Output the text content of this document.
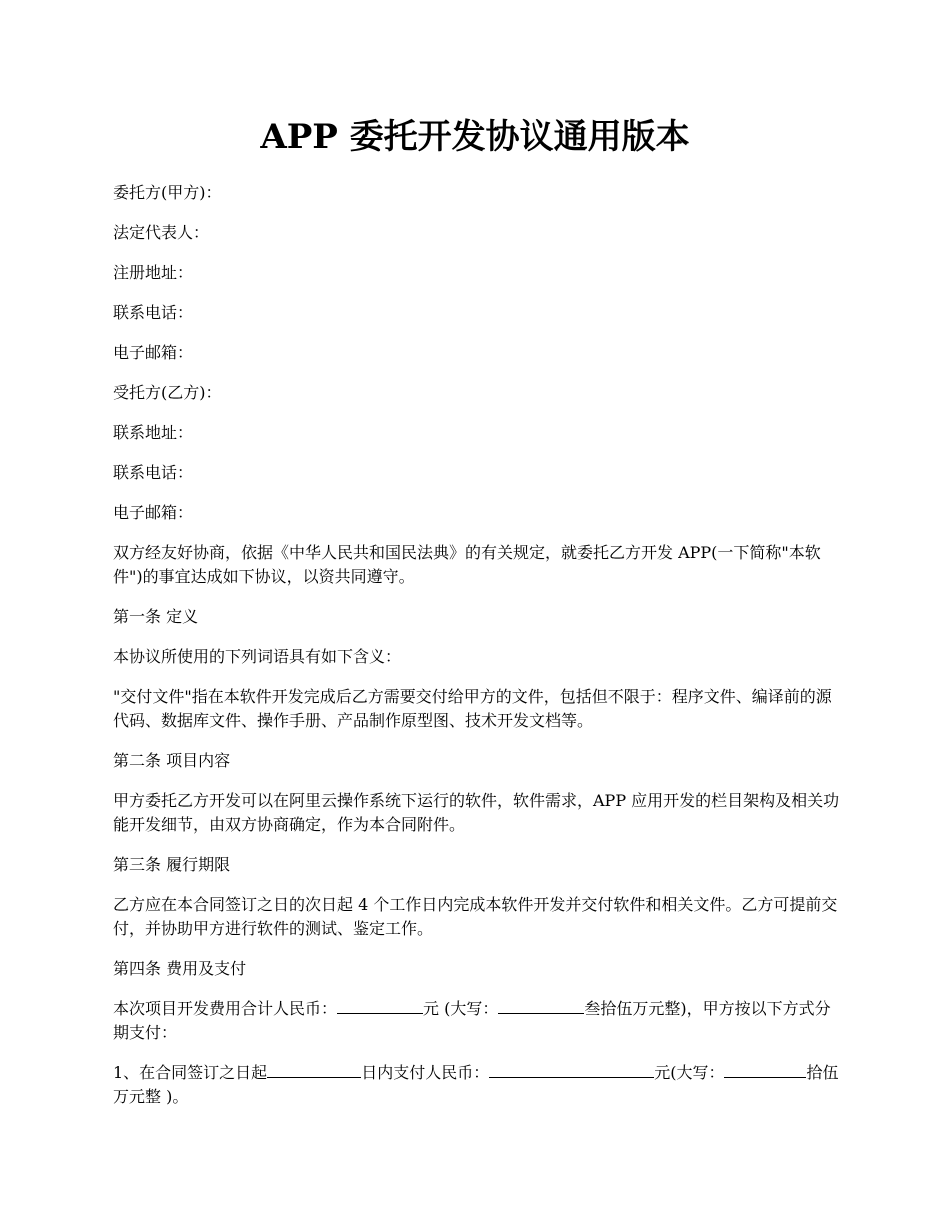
APP 委托开发协议通用版本

委托方(甲方)：

法定代表人：

注册地址：

联系电话：

电子邮箱：

受托方(乙方)：

联系地址：

联系电话：

电子邮箱：

双方经友好协商，依据《中华人民共和国民法典》的有关规定，就委托乙方开发 APP(一下简称"本软件")的事宜达成如下协议，以资共同遵守。

第一条 定义

本协议所使用的下列词语具有如下含义：

"交付文件"指在本软件开发完成后乙方需要交付给甲方的文件，包括但不限于：程序文件、编译前的源代码、数据库文件、操作手册、产品制作原型图、技术开发文档等。

第二条 项目内容

甲方委托乙方开发可以在阿里云操作系统下运行的软件，软件需求，APP 应用开发的栏目架构及相关功能开发细节，由双方协商确定，作为本合同附件。

第三条 履行期限

乙方应在本合同签订之日的次日起 4 个工作日内完成本软件开发并交付软件和相关文件。乙方可提前交付，并协助甲方进行软件的测试、鉴定工作。

第四条 费用及支付

本次项目开发费用合计人民币：	元 (大写：	叁拾伍万元整)，甲方按以下方式分期支付：

1、在合同签订之日起	日内支付人民币：	元(大写：	拾伍万元整 )。
